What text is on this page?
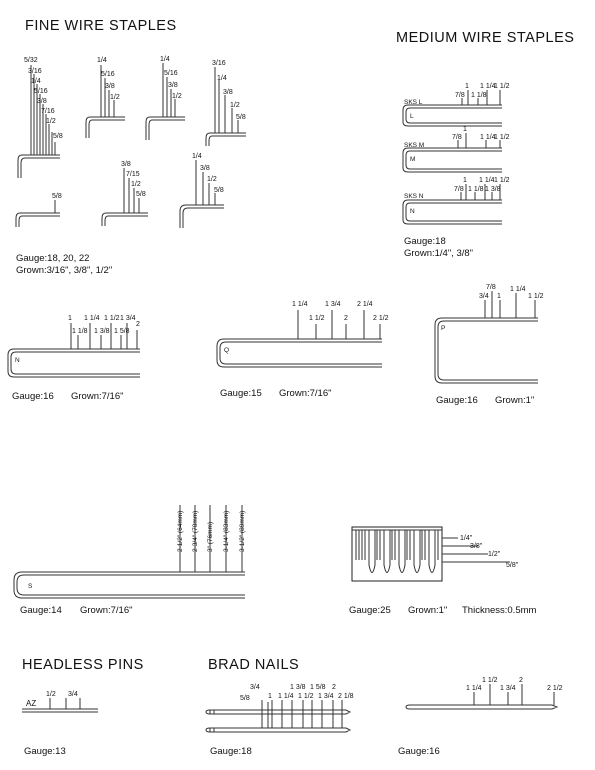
FINE WIRE STAPLES
MEDIUM WIRE STAPLES
HEADLESS PINS	BRAD NAILS
Gauge:18, 20, 22
Grown:3/16", 3/8", 1/2"
Gauge:18
Grown:1/4", 3/8"
Gauge:16 Grown:7/16"	Gauge:15 Grown:7/16"
Gauge:16 Grown:1"
Gauge:14 Grown:7/16"	Gauge:25 Grown:1" Thickness:0.5mm
Gauge:13	Gauge:18	Gauge:16
SKS L
L
SKS M
M
SKS N
N
N
Q
P
S
AZ
5/32
3/16
1/4
5/16
3/8
7/16
1/2
5/8
1/4
5/16
3/8
1/2
1/4
5/16
3/8
1/2
3/16
1/4
3/8
1/2
5/8
5/8
3/8
7/15
1/2
5/8
1/4
3/8
1/2
5/8
1
7/8 1 1/8
1 1/4
1 1/2
1
7/8	1 1/4
1 1/2
1
7/8 1 1/8
1 1/4
1 3/8
1 1/2
1
1 1/8
1 1/4
1 3/8
1 1/2
1 5/8
1 3/4
2
1 1/4
1 1/2
1 3/4
2
2 1/4
2 1/2
3/4
7/8
1
1 1/4
1 1/2
1/4"
3/8"
1/2"
5/8"
1/2 3/4
3/4
5/8	1 1 1/4
1 3/8
1 1/2
1 5/8
1 3/4
2
2 1/8
1 1/4
1 1/2
1 3/4
2
2 1/2
2-1/2" (64mm) 2-3/4" (70mm) 3" (76mm) 3-1/4" (83mm) 3-1/2" (89mm)
